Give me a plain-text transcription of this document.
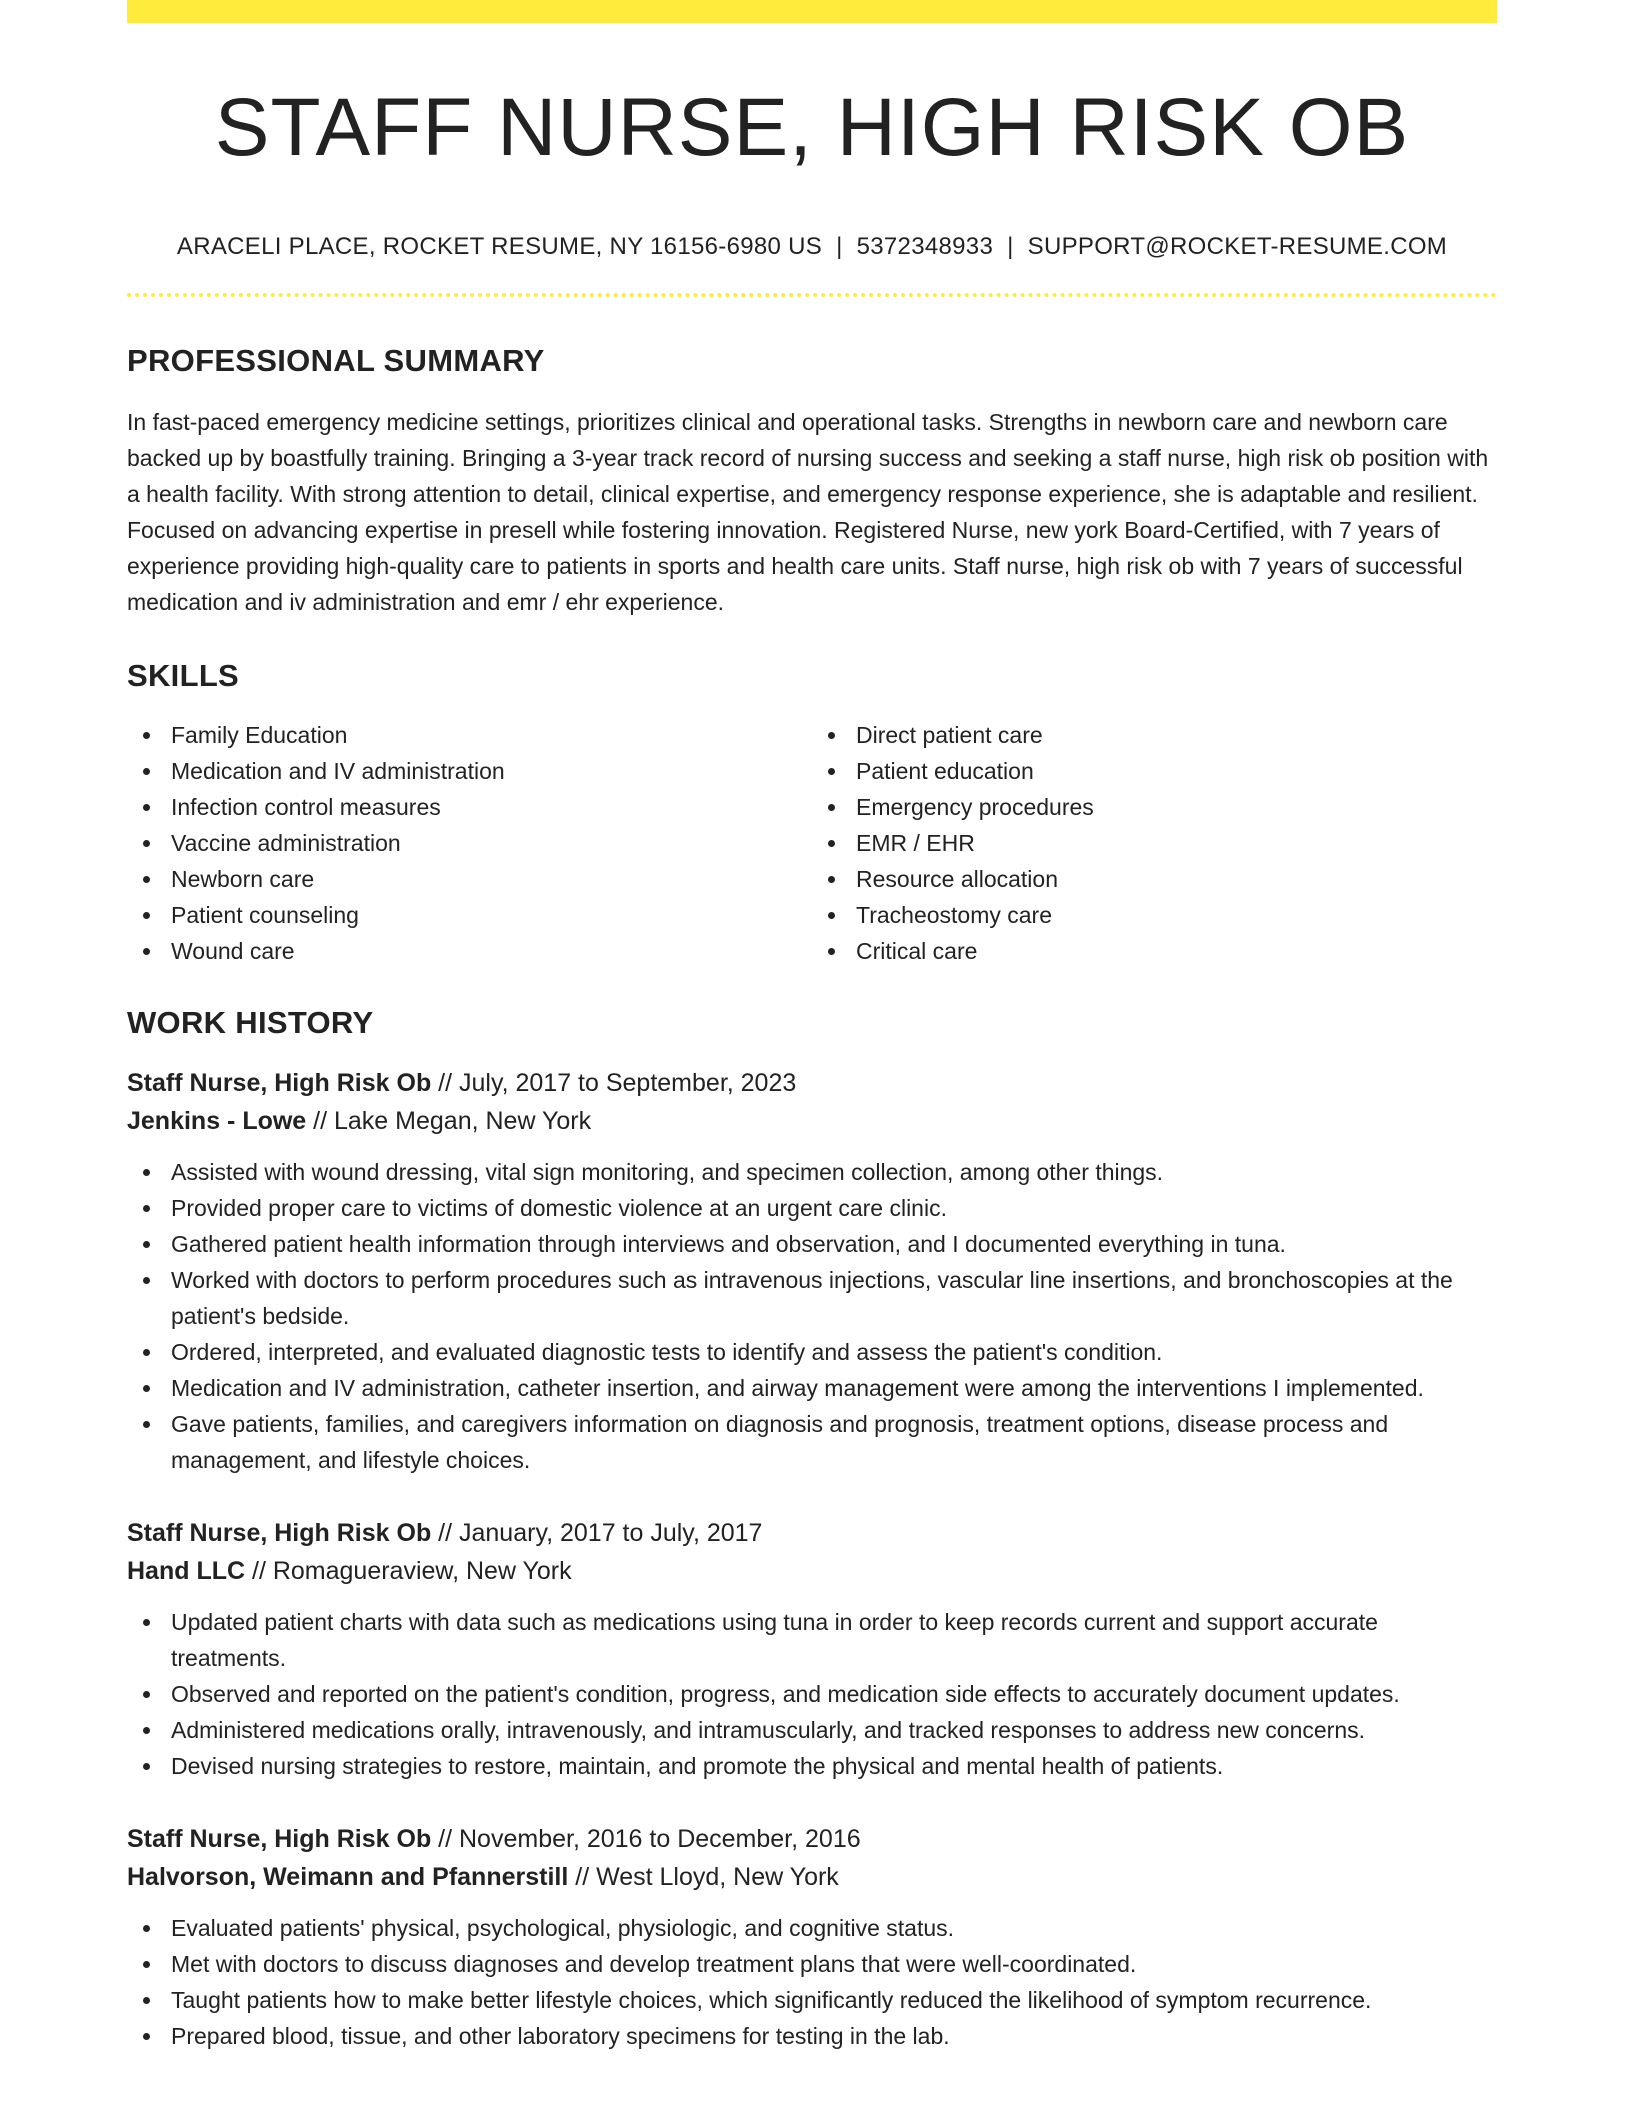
STAFF NURSE, HIGH RISK OB
ARACELI PLACE, ROCKET RESUME, NY 16156-6980 US | 5372348933 | SUPPORT@ROCKET-RESUME.COM
PROFESSIONAL SUMMARY

In fast-paced emergency medicine settings, prioritizes clinical and operational tasks. Strengths in newborn care and newborn care backed up by boastfully training. Bringing a 3-year track record of nursing success and seeking a staff nurse, high risk ob position with a health facility. With strong attention to detail, clinical expertise, and emergency response experience, she is adaptable and resilient. Focused on advancing expertise in presell while fostering innovation. Registered Nurse, new york Board-Certified, with 7 years of experience providing high-quality care to patients in sports and health care units. Staff nurse, high risk ob with 7 years of successful medication and iv administration and emr / ehr experience.

SKILLS
Family Education
Medication and IV administration
Infection control measures
Vaccine administration
Newborn care
Patient counseling
Wound care
Direct patient care
Patient education
Emergency procedures
EMR / EHR
Resource allocation
Tracheostomy care
Critical care
WORK HISTORY
Staff Nurse, High Risk Ob // July, 2017 to September, 2023
Jenkins - Lowe // Lake Megan, New York
Assisted with wound dressing, vital sign monitoring, and specimen collection, among other things.
Provided proper care to victims of domestic violence at an urgent care clinic.
Gathered patient health information through interviews and observation, and I documented everything in tuna.
Worked with doctors to perform procedures such as intravenous injections, vascular line insertions, and bronchoscopies at the patient's bedside.
Ordered, interpreted, and evaluated diagnostic tests to identify and assess the patient's condition.
Medication and IV administration, catheter insertion, and airway management were among the interventions I implemented.
Gave patients, families, and caregivers information on diagnosis and prognosis, treatment options, disease process and management, and lifestyle choices.
Staff Nurse, High Risk Ob // January, 2017 to July, 2017
Hand LLC // Romagueraview, New York
Updated patient charts with data such as medications using tuna in order to keep records current and support accurate treatments.
Observed and reported on the patient's condition, progress, and medication side effects to accurately document updates.
Administered medications orally, intravenously, and intramuscularly, and tracked responses to address new concerns.
Devised nursing strategies to restore, maintain, and promote the physical and mental health of patients.
Staff Nurse, High Risk Ob // November, 2016 to December, 2016
Halvorson, Weimann and Pfannerstill // West Lloyd, New York
Evaluated patients' physical, psychological, physiologic, and cognitive status.
Met with doctors to discuss diagnoses and develop treatment plans that were well-coordinated.
Taught patients how to make better lifestyle choices, which significantly reduced the likelihood of symptom recurrence.
Prepared blood, tissue, and other laboratory specimens for testing in the lab.
